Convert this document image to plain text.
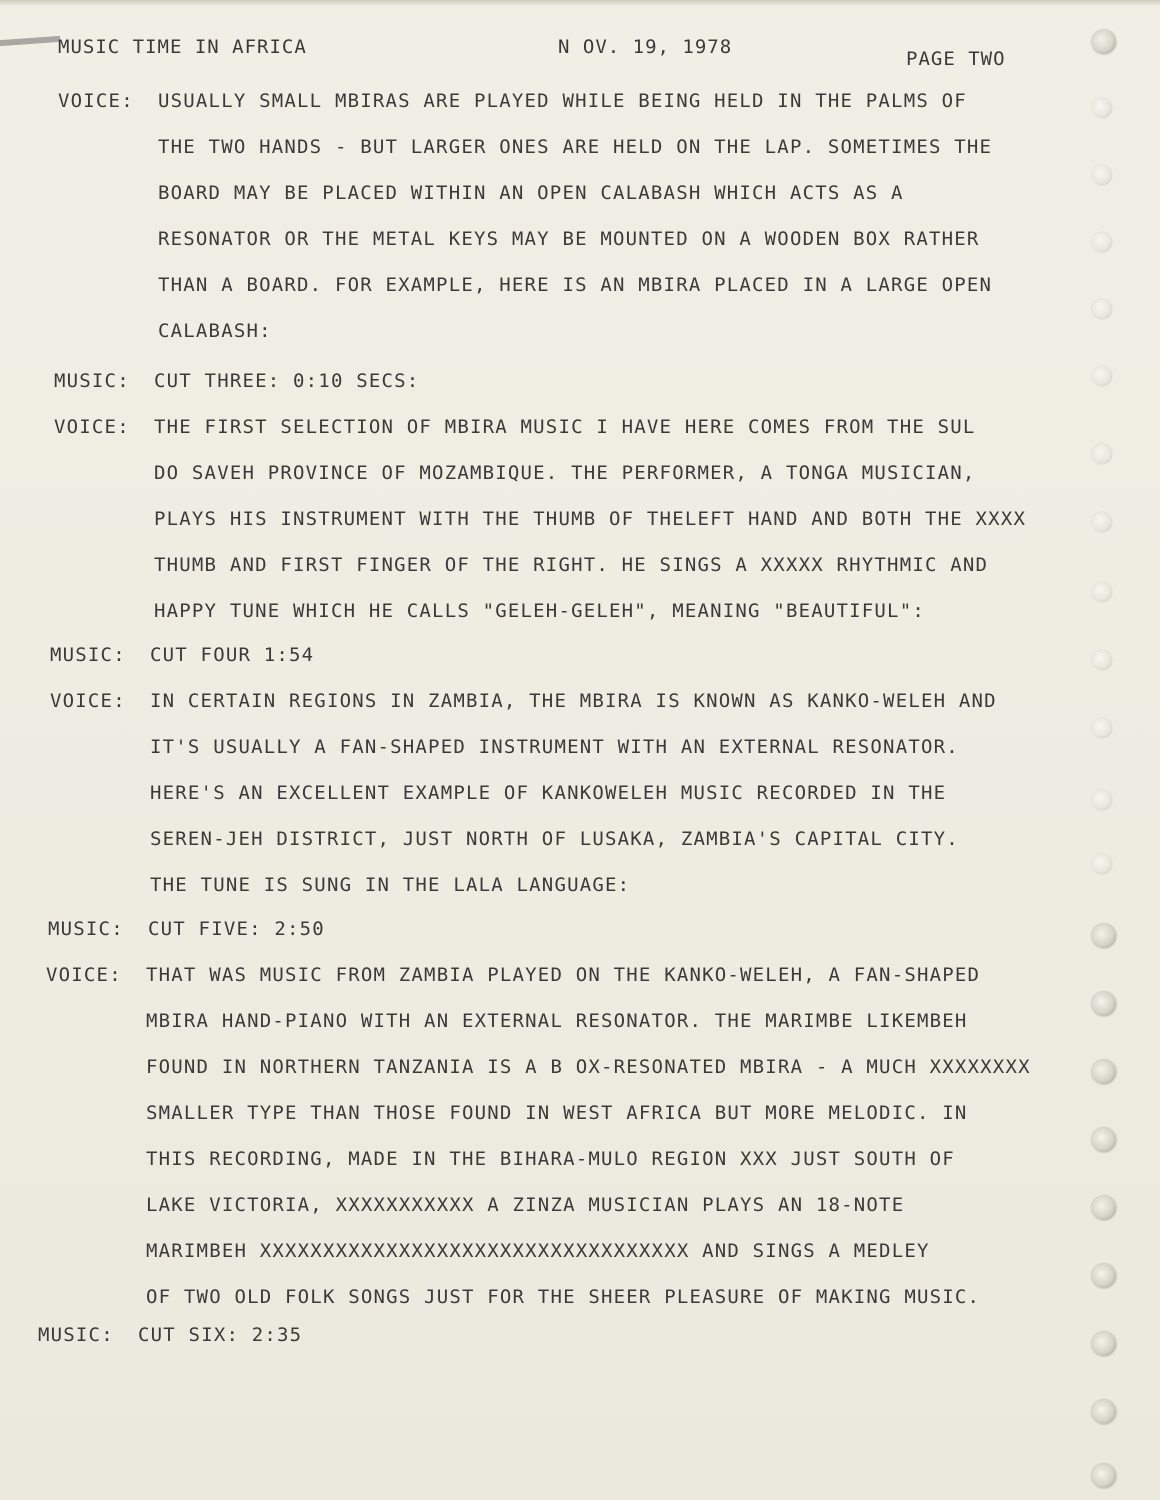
MUSIC TIME IN AFRICA	N OV. 19, 1978
PAGE TWO
VOICE: USUALLY SMALL MBIRAS ARE PLAYED WHILE BEING HELD IN THE PALMS OF
THE TWO HANDS - BUT LARGER ONES ARE HELD ON THE LAP. SOMETIMES THE
BOARD MAY BE PLACED WITHIN AN OPEN CALABASH WHICH ACTS AS A
RESONATOR OR THE METAL KEYS MAY BE MOUNTED ON A WOODEN BOX RATHER
THAN A BOARD. FOR EXAMPLE, HERE IS AN MBIRA PLACED IN A LARGE OPEN
CALABASH:
MUSIC: CUT THREE: 0:10 SECS:
VOICE: THE FIRST SELECTION OF MBIRA MUSIC I HAVE HERE COMES FROM THE SUL
DO SAVEH PROVINCE OF MOZAMBIQUE. THE PERFORMER, A TONGA MUSICIAN,
PLAYS HIS INSTRUMENT WITH THE THUMB OF THELEFT HAND AND BOTH THE XXXX
THUMB AND FIRST FINGER OF THE RIGHT. HE SINGS A XXXXX RHYTHMIC AND
HAPPY TUNE WHICH HE CALLS "GELEH-GELEH", MEANING "BEAUTIFUL":
MUSIC: CUT FOUR 1:54
VOICE: IN CERTAIN REGIONS IN ZAMBIA, THE MBIRA IS KNOWN AS KANKO-WELEH AND
IT'S USUALLY A FAN-SHAPED INSTRUMENT WITH AN EXTERNAL RESONATOR.
HERE'S AN EXCELLENT EXAMPLE OF KANKOWELEH MUSIC RECORDED IN THE
SEREN-JEH DISTRICT, JUST NORTH OF LUSAKA, ZAMBIA'S CAPITAL CITY.
THE TUNE IS SUNG IN THE LALA LANGUAGE:
MUSIC: CUT FIVE: 2:50
VOICE: THAT WAS MUSIC FROM ZAMBIA PLAYED ON THE KANKO-WELEH, A FAN-SHAPED
MBIRA HAND-PIANO WITH AN EXTERNAL RESONATOR. THE MARIMBE LIKEMBEH
FOUND IN NORTHERN TANZANIA IS A B OX-RESONATED MBIRA - A MUCH XXXXXXXX
SMALLER TYPE THAN THOSE FOUND IN WEST AFRICA BUT MORE MELODIC. IN
THIS RECORDING, MADE IN THE BIHARA-MULO REGION XXX JUST SOUTH OF
LAKE VICTORIA, XXXXXXXXXXX A ZINZA MUSICIAN PLAYS AN 18-NOTE
MARIMBEH XXXXXXXXXXXXXXXXXXXXXXXXXXXXXXXXXX AND SINGS A MEDLEY
OF TWO OLD FOLK SONGS JUST FOR THE SHEER PLEASURE OF MAKING MUSIC.
MUSIC: CUT SIX: 2:35
